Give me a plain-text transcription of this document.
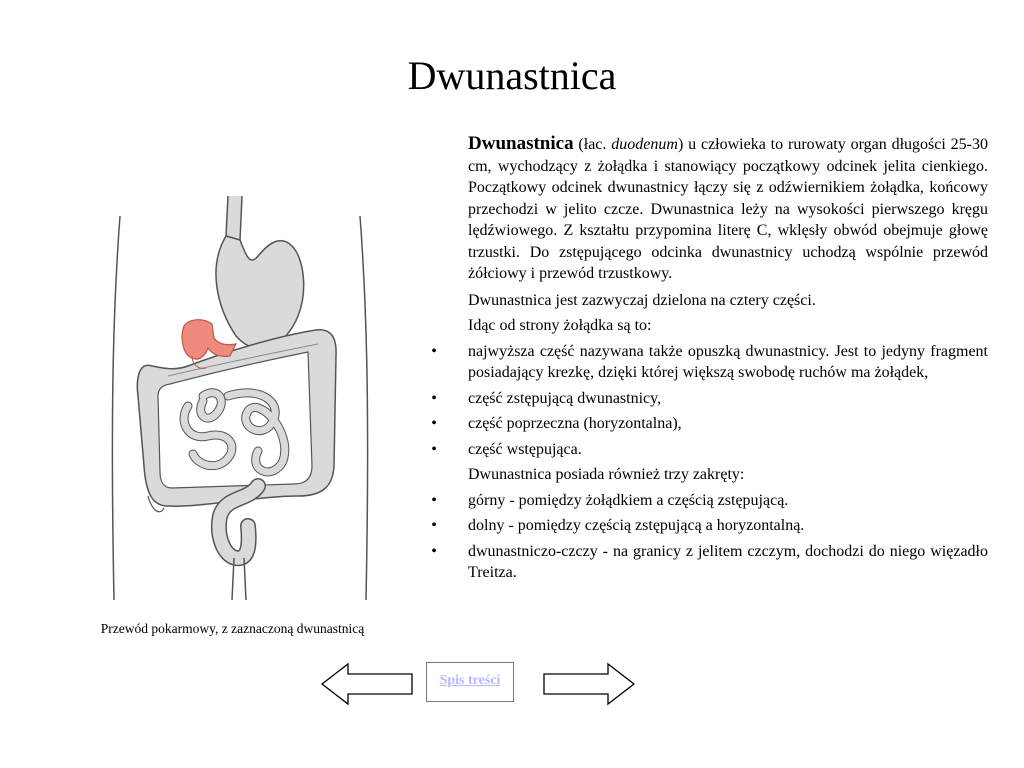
Dwunastnica
Przewód pokarmowy, z zaznaczoną dwunastnicą

Dwunastnica (łac. duodenum) u człowieka to rurowaty organ długości 25-30 cm, wychodzący z żołądka i stanowiący początkowy odcinek jelita cienkiego. Początkowy odcinek dwunastnicy łączy się z odźwiernikiem żołądka, końcowy przechodzi w jelito czcze. Dwunastnica leży na wysokości pierwszego kręgu lędźwiowego. Z kształtu przypomina literę C, wklęsły obwód obejmuje głowę trzustki. Do zstępującego odcinka dwunastnicy uchodzą wspólnie przewód żółciowy i przewód trzustkowy.

Dwunastnica jest zazwyczaj dzielona na cztery części.

Idąc od strony żołądka są to:

• najwyższa część nazywana także opuszką dwunastnicy. Jest to jedyny fragment posiadający krezkę, dzięki której większą swobodę ruchów ma żołądek,
• część zstępującą dwunastnicy,
• część poprzeczna (horyzontalna),
• część wstępująca.

Dwunastnica posiada również trzy zakręty:

• górny - pomiędzy żołądkiem a częścią zstępującą.
• dolny - pomiędzy częścią zstępującą a horyzontalną.
• dwunastniczo-czczy - na granicy z jelitem czczym, dochodzi do niego więzadło Treitza.
Spis treści
